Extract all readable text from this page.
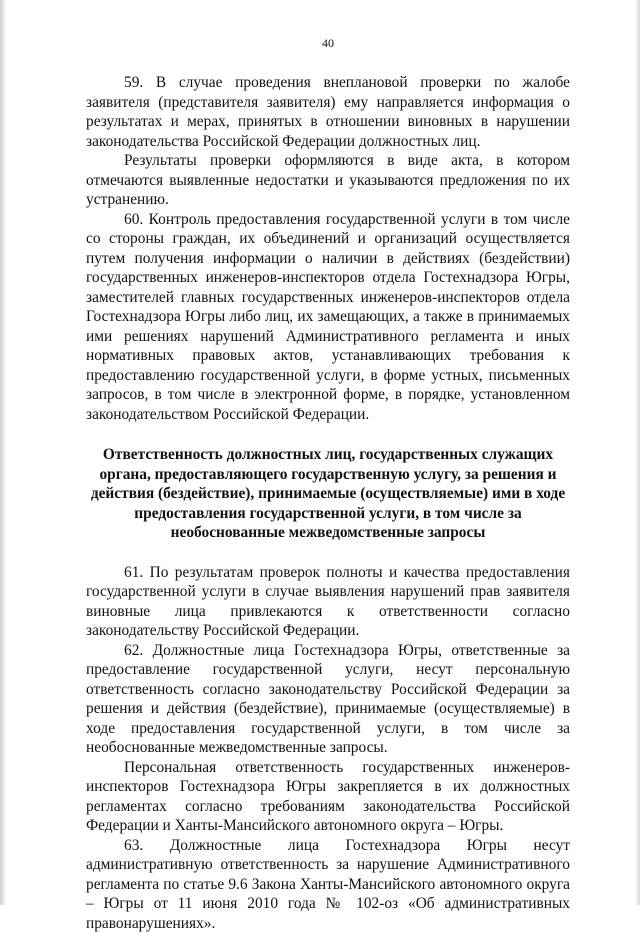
40

59. В случае проведения внеплановой проверки по жалобе заявителя (представителя заявителя) ему направляется информация о результатах и мерах, принятых в отношении виновных в нарушении законодательства Российской Федерации должностных лиц.

Результаты проверки оформляются в виде акта, в котором отмечаются выявленные недостатки и указываются предложения по их устранению.

60. Контроль предоставления государственной услуги в том числе со стороны граждан, их объединений и организаций осуществляется путем получения информации о наличии в действиях (бездействии) государственных инженеров-инспекторов отдела Гостехнадзора Югры, заместителей главных государственных инженеров-инспекторов отдела Гостехнадзора Югры либо лиц, их замещающих, а также в принимаемых ими решениях нарушений Административного регламента и иных нормативных правовых актов, устанавливающих требования к предоставлению государственной услуги, в форме устных, письменных запросов, в том числе в электронной форме, в порядке, установленном законодательством Российской Федерации.

Ответственность должностных лиц, государственных служащих органа, предоставляющего государственную услугу, за решения и действия (бездействие), принимаемые (осуществляемые) ими в ходе предоставления государственной услуги, в том числе за необоснованные межведомственные запросы

61. По результатам проверок полноты и качества предоставления государственной услуги в случае выявления нарушений прав заявителя виновные лица привлекаются к ответственности согласно законодательству Российской Федерации.

62. Должностные лица Гостехнадзора Югры, ответственные за предоставление государственной услуги, несут персональную ответственность согласно законодательству Российской Федерации за решения и действия (бездействие), принимаемые (осуществляемые) в ходе предоставления государственной услуги, в том числе за необоснованные межведомственные запросы.

Персональная ответственность государственных инженеров-инспекторов Гостехнадзора Югры закрепляется в их должностных регламентах согласно требованиям законодательства Российской Федерации и Ханты-Мансийского автономного округа – Югры.

63. Должностные лица Гостехнадзора Югры несут административную ответственность за нарушение Административного регламента по статье 9.6 Закона Ханты-Мансийского автономного округа – Югры от 11 июня 2010 года № 102-оз «Об административных правонарушениях».
